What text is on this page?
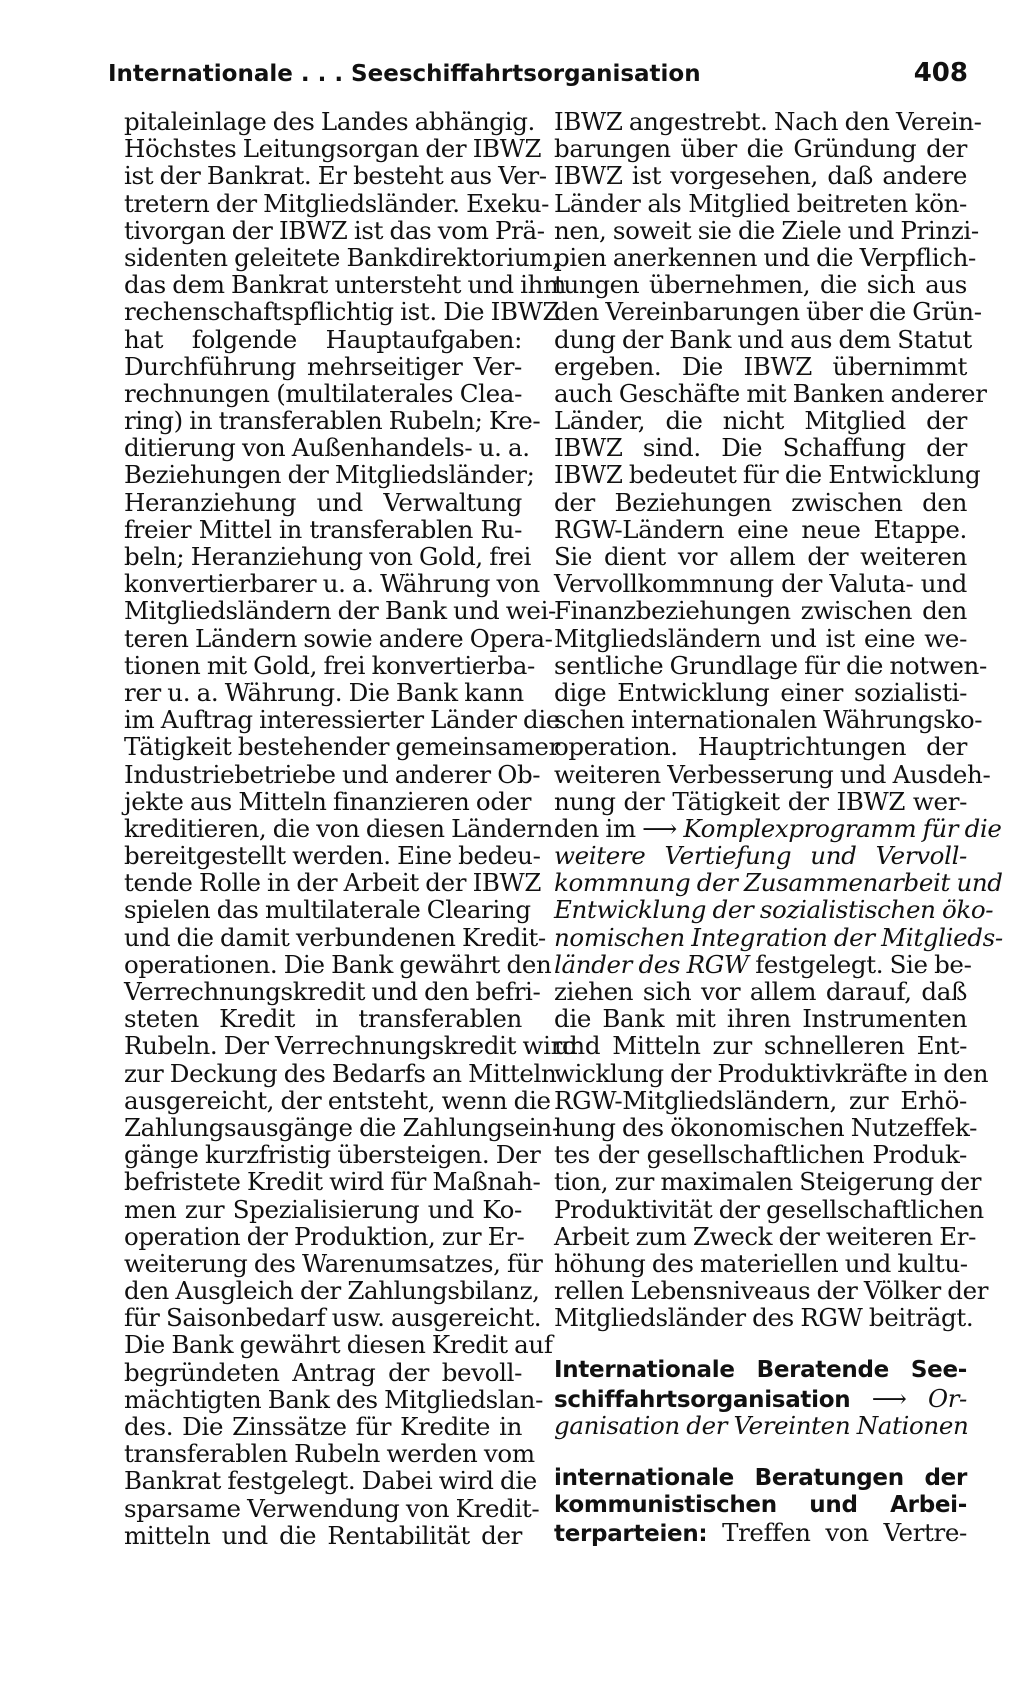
Internationale . . . Seeschiffahrtsorganisation	408
pitaleinlage des Landes abhängig.
Höchstes Leitungsorgan der IBWZ
ist der Bankrat. Er besteht aus Ver-
tretern der Mitgliedsländer. Exeku-
tivorgan der IBWZ ist das vom Prä-
sidenten geleitete Bankdirektorium,
das dem Bankrat untersteht und ihm
rechenschaftspflichtig ist. Die IBWZ
hat folgende Hauptaufgaben:
Durchführung mehrseitiger Ver-
rechnungen (multilaterales Clea-
ring) in transferablen Rubeln; Kre-
ditierung von Außenhandels- u. a.
Beziehungen der Mitgliedsländer;
Heranziehung und Verwaltung
freier Mittel in transferablen Ru-
beln; Heranziehung von Gold, frei
konvertierbarer u. a. Währung von
Mitgliedsländern der Bank und wei-
teren Ländern sowie andere Opera-
tionen mit Gold, frei konvertierba-
rer u. a. Währung. Die Bank kann
im Auftrag interessierter Länder die
Tätigkeit bestehender gemeinsamer
Industriebetriebe und anderer Ob-
jekte aus Mitteln finanzieren oder
kreditieren, die von diesen Ländern
bereitgestellt werden. Eine bedeu-
tende Rolle in der Arbeit der IBWZ
spielen das multilaterale Clearing
und die damit verbundenen Kredit-
operationen. Die Bank gewährt den
Verrechnungskredit und den befri-
steten Kredit in transferablen
Rubeln. Der Verrechnungskredit wird
zur Deckung des Bedarfs an Mitteln
ausgereicht, der entsteht, wenn die
Zahlungsausgänge die Zahlungsein-
gänge kurzfristig übersteigen. Der
befristete Kredit wird für Maßnah-
men zur Spezialisierung und Ko-
operation der Produktion, zur Er-
weiterung des Warenumsatzes, für
den Ausgleich der Zahlungsbilanz,
für Saisonbedarf usw. ausgereicht.
Die Bank gewährt diesen Kredit auf
begründeten Antrag der bevoll-
mächtigten Bank des Mitgliedslan-
des. Die Zinssätze für Kredite in
transferablen Rubeln werden vom
Bankrat festgelegt. Dabei wird die
sparsame Verwendung von Kredit-
mitteln und die Rentabilität der
IBWZ angestrebt. Nach den Verein-
barungen über die Gründung der
IBWZ ist vorgesehen, daß andere
Länder als Mitglied beitreten kön-
nen, soweit sie die Ziele und Prinzi-
pien anerkennen und die Verpflich-
tungen übernehmen, die sich aus
den Vereinbarungen über die Grün-
dung der Bank und aus dem Statut
ergeben. Die IBWZ übernimmt
auch Geschäfte mit Banken anderer
Länder, die nicht Mitglied der
IBWZ sind. Die Schaffung der
IBWZ bedeutet für die Entwicklung
der Beziehungen zwischen den
RGW-Ländern eine neue Etappe.
Sie dient vor allem der weiteren
Vervollkommnung der Valuta- und
Finanzbeziehungen zwischen den
Mitgliedsländern und ist eine we-
sentliche Grundlage für die notwen-
dige Entwicklung einer sozialisti-
schen internationalen Währungsko-
operation. Hauptrichtungen der
weiteren Verbesserung und Ausdeh-
nung der Tätigkeit der IBWZ wer-
den im ⟶ Komplexprogramm für die
weitere Vertiefung und Vervoll-
kommnung der Zusammenarbeit und
Entwicklung der sozialistischen öko-
nomischen Integration der Mitglieds-
länder des RGW festgelegt. Sie be-
ziehen sich vor allem darauf, daß
die Bank mit ihren Instrumenten
und Mitteln zur schnelleren Ent-
wicklung der Produktivkräfte in den
RGW-Mitgliedsländern, zur Erhö-
hung des ökonomischen Nutzeffek-
tes der gesellschaftlichen Produk-
tion, zur maximalen Steigerung der
Produktivität der gesellschaftlichen
Arbeit zum Zweck der weiteren Er-
höhung des materiellen und kultu-
rellen Lebensniveaus der Völker der
Mitgliedsländer des RGW beiträgt.
Internationale Beratende See-
schiffahrtsorganisation ⟶ Or-
ganisation der Vereinten Nationen
internationale Beratungen der
kommunistischen und Arbei-
terparteien: Treffen von Vertre-
